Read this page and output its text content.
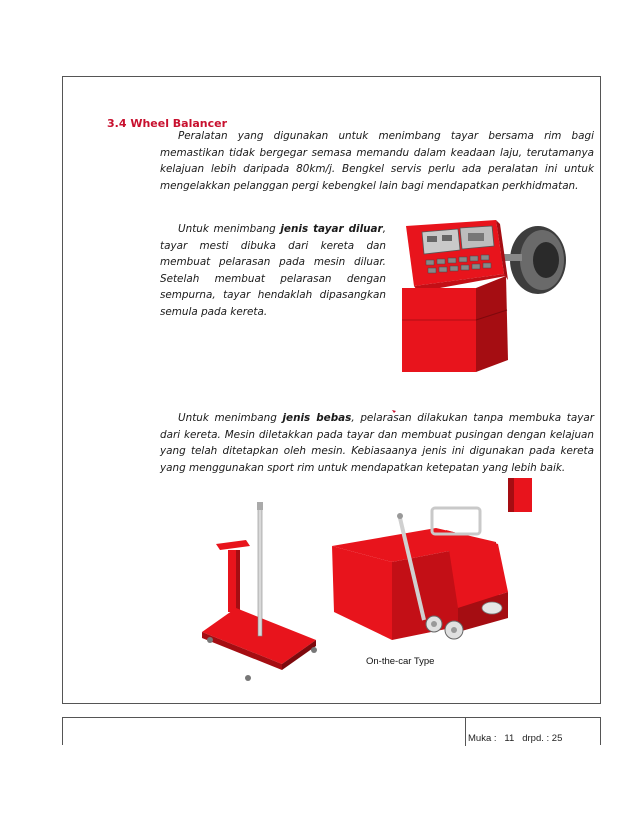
3.4 Wheel Balancer

Peralatan yang digunakan untuk menimbang tayar bersama rim bagi memastikan tidak bergegar semasa memandu dalam keadaan laju, terutamanya kelajuan lebih daripada 80km/j. Bengkel servis perlu ada peralatan ini untuk mengelakkan pelanggan pergi kebengkel lain bagi mendapatkan perkhidmatan.

Untuk menimbang jenis tayar diluar, tayar mesti dibuka dari kereta dan membuat pelarasan pada mesin diluar. Setelah membuat pelarasan dengan sempurna, tayar hendaklah dipasangkan semula pada kereta.

Untuk menimbang jenis bebas, pelarasan dilakukan tanpa membuka tayar dari kereta. Mesin diletakkan pada tayar dan membuat pusingan dengan kelajuan yang telah ditetapkan oleh mesin. Kebiasaanya jenis ini digunakan pada kereta yang menggunakan sport rim untuk mendapatkan ketepatan yang lebih baik.

On-the-car Type
Muka :   11   drpd. : 25
